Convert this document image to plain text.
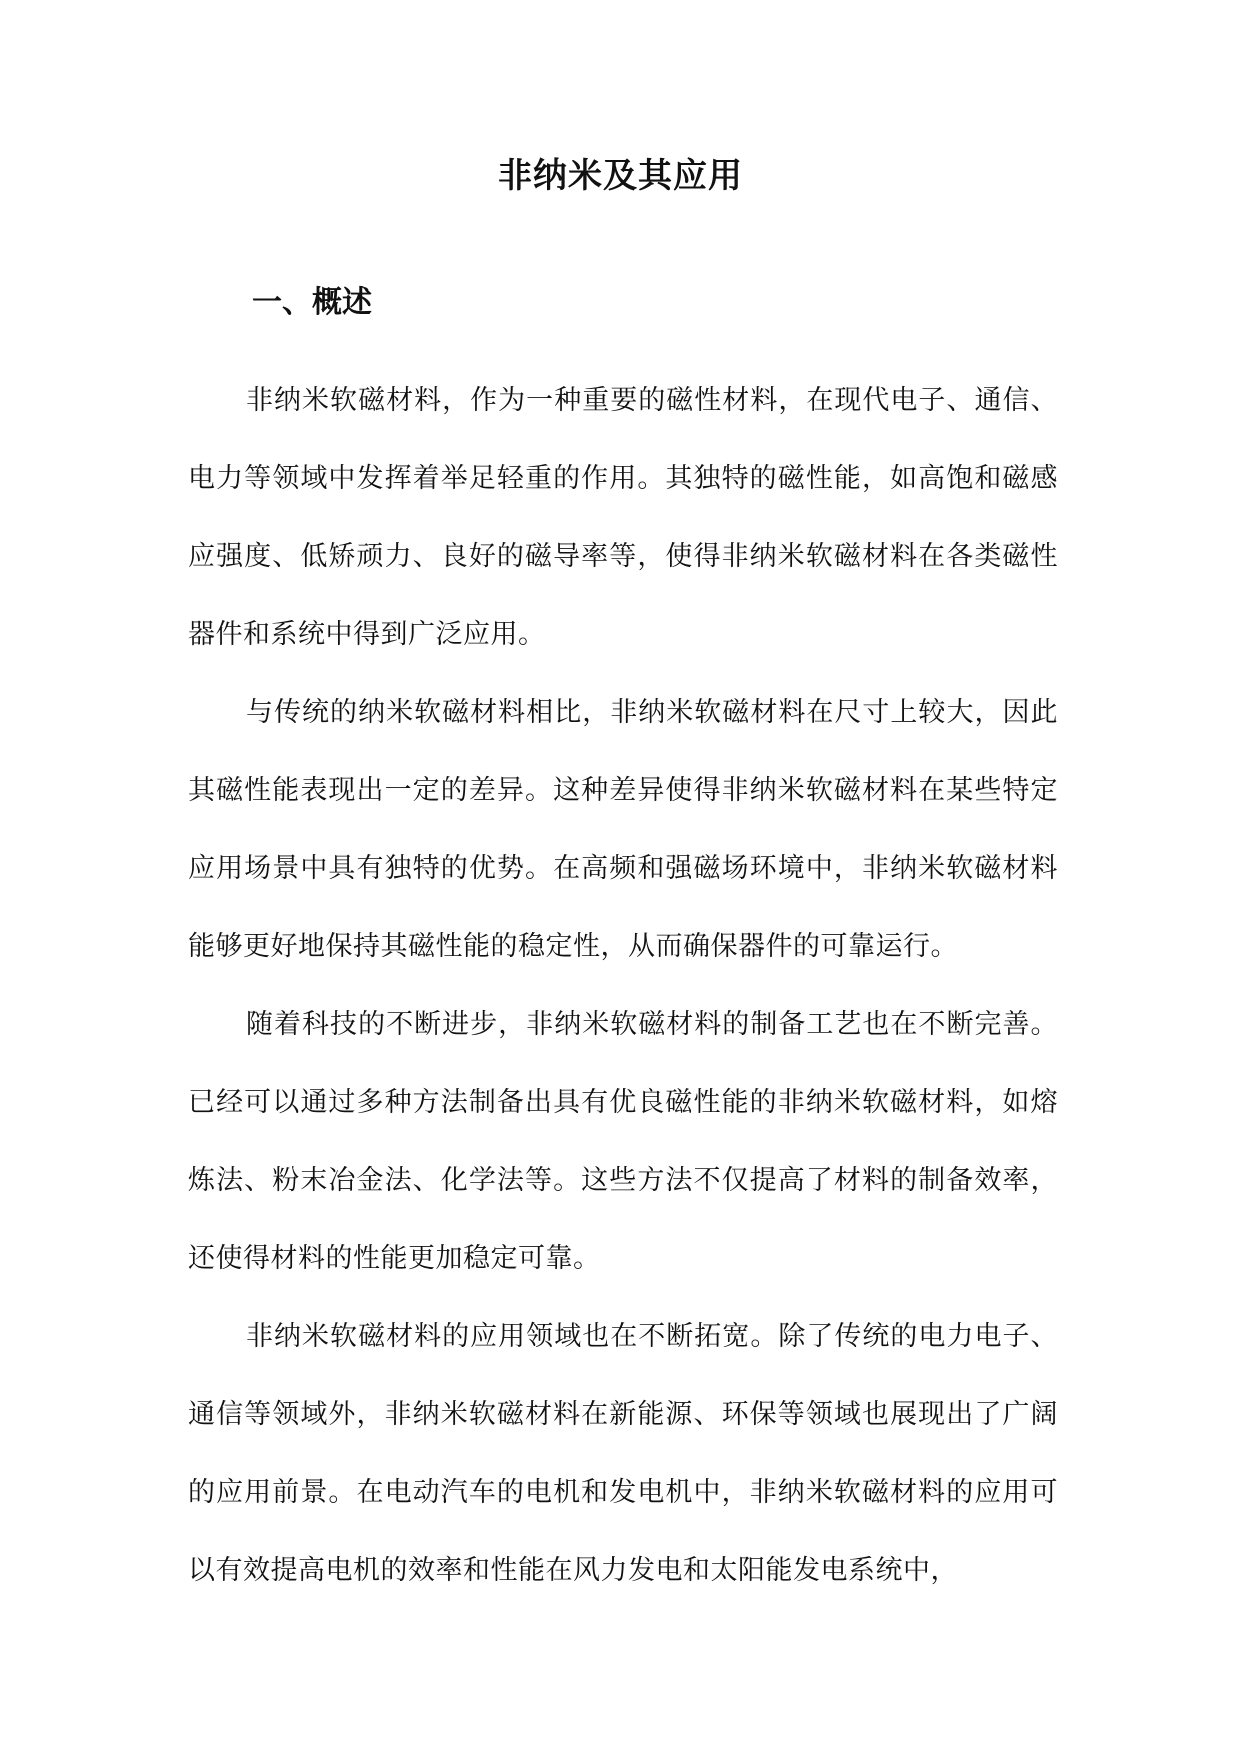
非纳米及其应用
一、概述

非纳米软磁材料，作为一种重要的磁性材料，在现代电子、通信、电力等领域中发挥着举足轻重的作用。其独特的磁性能，如高饱和磁感应强度、低矫顽力、良好的磁导率等，使得非纳米软磁材料在各类磁性器件和系统中得到广泛应用。

与传统的纳米软磁材料相比，非纳米软磁材料在尺寸上较大，因此其磁性能表现出一定的差异。这种差异使得非纳米软磁材料在某些特定应用场景中具有独特的优势。在高频和强磁场环境中，非纳米软磁材料能够更好地保持其磁性能的稳定性，从而确保器件的可靠运行。

随着科技的不断进步，非纳米软磁材料的制备工艺也在不断完善。已经可以通过多种方法制备出具有优良磁性能的非纳米软磁材料，如熔炼法、粉末冶金法、化学法等。这些方法不仅提高了材料的制备效率，还使得材料的性能更加稳定可靠。

非纳米软磁材料的应用领域也在不断拓宽。除了传统的电力电子、通信等领域外，非纳米软磁材料在新能源、环保等领域也展现出了广阔的应用前景。在电动汽车的电机和发电机中，非纳米软磁材料的应用可以有效提高电机的效率和性能在风力发电和太阳能发电系统中，
